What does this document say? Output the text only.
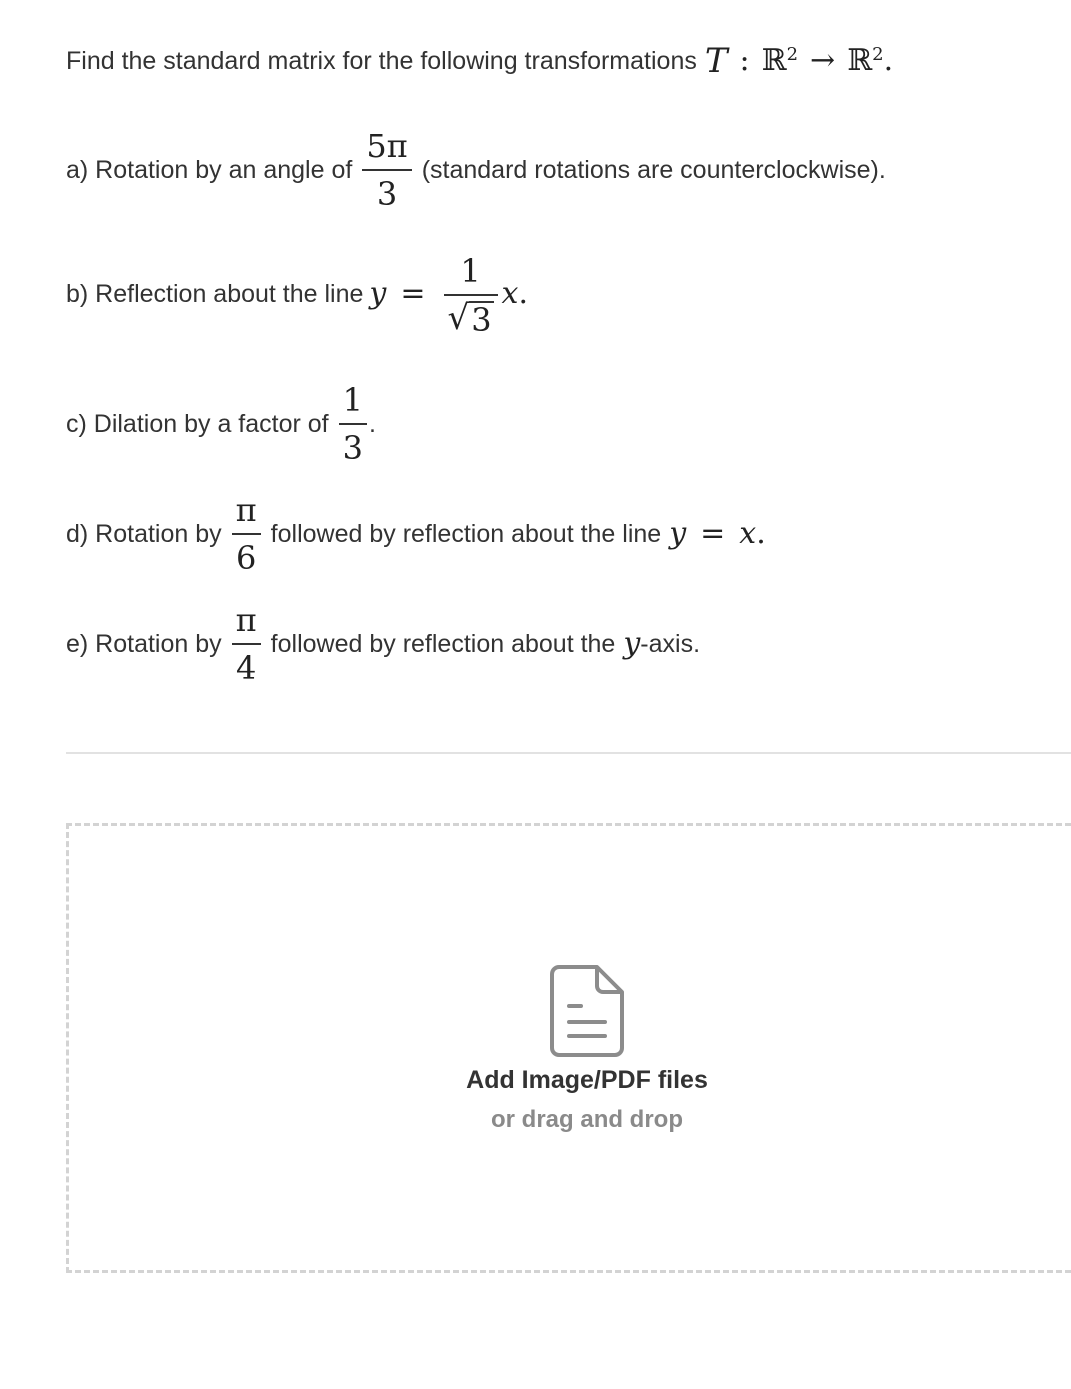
Find the standard matrix for the following transformations T : ℝ$^2$ → ℝ$^2$ .
a) Rotation by an angle of $\frac{5\pi}{3}$ (standard rotations are counterclockwise).
b) Reflection about the line $y = \frac{1}{√ 3}$ x .
c) Dilation by a factor of $\frac{1}{3}$ .
d) Rotation by $\frac{\pi}{6}$ followed by reflection about the line y = x .
e) Rotation by $\frac{\pi}{4}$ followed by reflection about the y -axis.
Add Image/PDF files
or drag and drop
